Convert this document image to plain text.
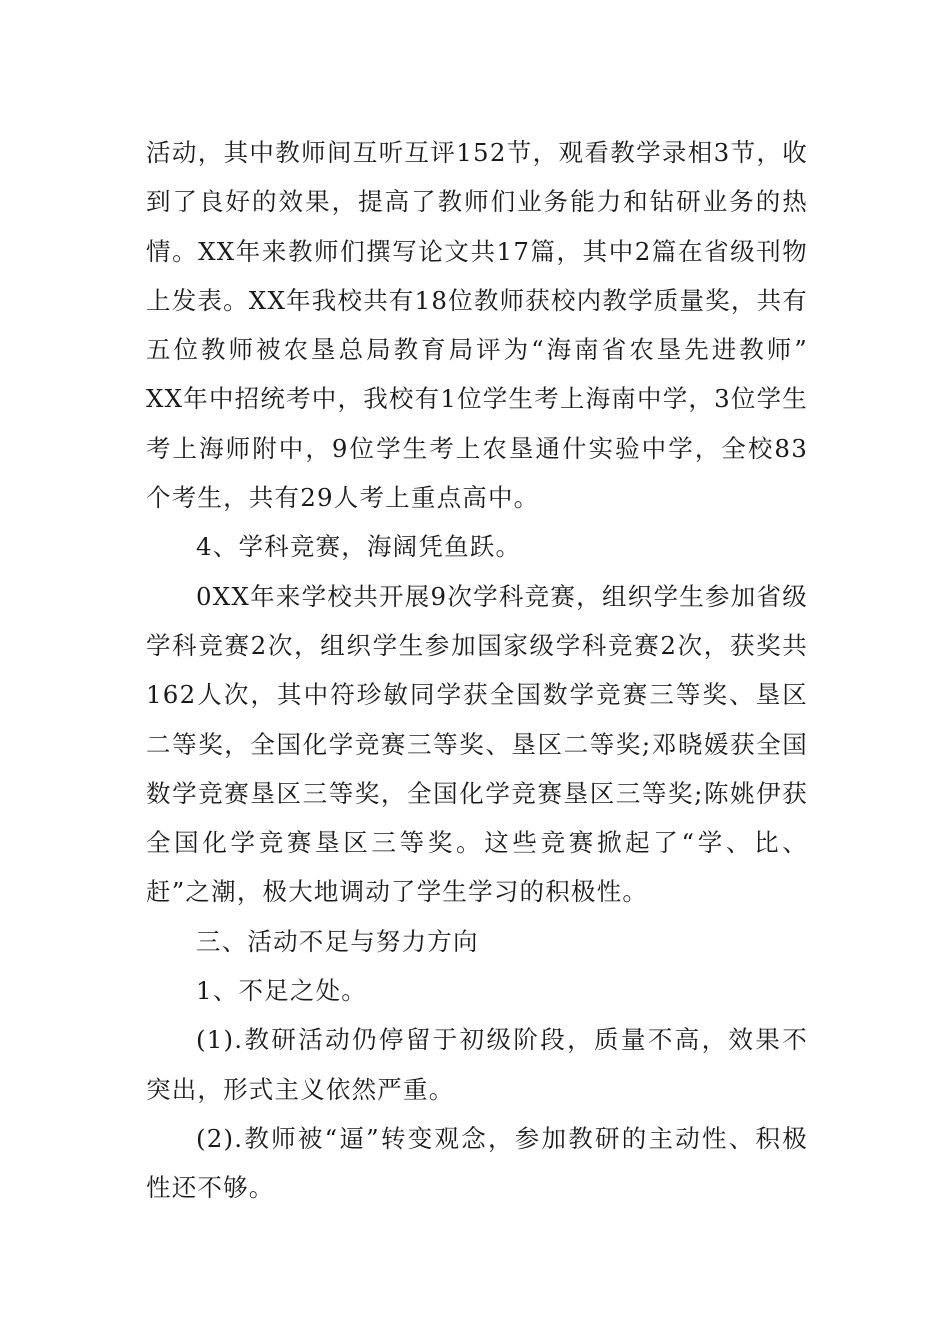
活动，其中教师间互听互评152节，观看教学录相3节，收到了良好的效果，提高了教师们业务能力和钻研业务的热情。XX年来教师们撰写论文共17篇，其中2篇在省级刊物上发表。XX年我校共有18位教师获校内教学质量奖，共有五位教师被农垦总局教育局评为“海南省农垦先进教师” XX年中招统考中，我校有1位学生考上海南中学，3位学生考上海师附中，9位学生考上农垦通什实验中学，全校83个考生，共有29人考上重点高中。

4、学科竞赛，海阔凭鱼跃。

0XX年来学校共开展9次学科竞赛，组织学生参加省级学科竞赛2次，组织学生参加国家级学科竞赛2次，获奖共162人次，其中符珍敏同学获全国数学竞赛三等奖、垦区二等奖，全国化学竞赛三等奖、垦区二等奖;邓晓媛获全国数学竞赛垦区三等奖，全国化学竞赛垦区三等奖;陈姚伊获全国化学竞赛垦区三等奖。这些竞赛掀起了“学、比、赶”之潮，极大地调动了学生学习的积极性。

三、活动不足与努力方向

1、不足之处。

(1).教研活动仍停留于初级阶段，质量不高，效果不突出，形式主义依然严重。

(2).教师被“逼”转变观念，参加教研的主动性、积极性还不够。
